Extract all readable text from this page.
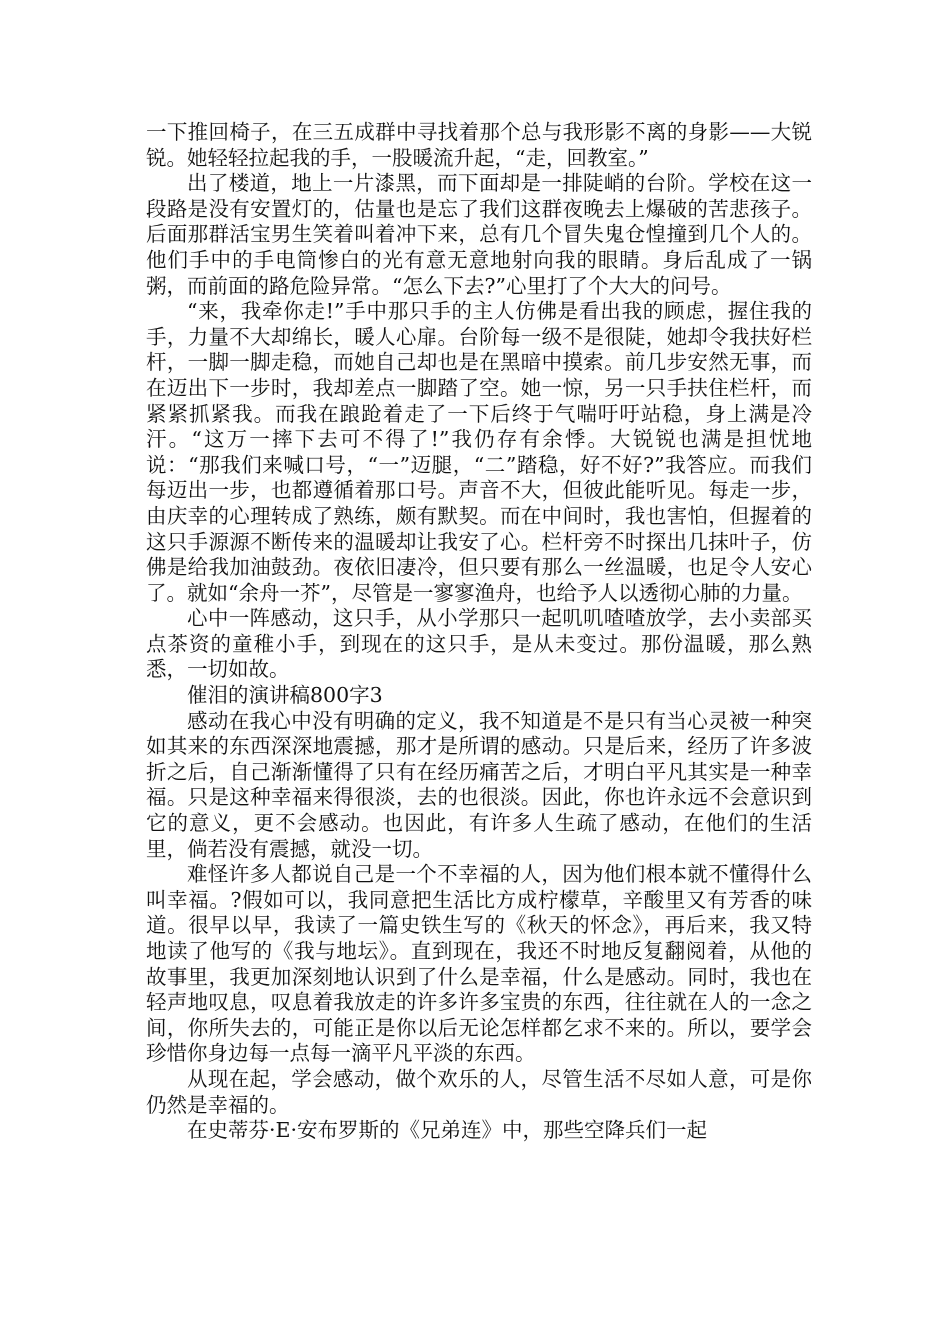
一下推回椅子，在三五成群中寻找着那个总与我形影不离的身影——大锐锐。她轻轻拉起我的手，一股暖流升起，“走，回教室。”

出了楼道，地上一片漆黑，而下面却是一排陡峭的台阶。学校在这一段路是没有安置灯的，估量也是忘了我们这群夜晚去上爆破的苦悲孩子。后面那群活宝男生笑着叫着冲下来，总有几个冒失鬼仓惶撞到几个人的。他们手中的手电筒惨白的光有意无意地射向我的眼睛。身后乱成了一锅粥，而前面的路危险异常。“怎么下去?”心里打了个大大的问号。

“来，我牵你走!”手中那只手的主人仿佛是看出我的顾虑，握住我的手，力量不大却绵长，暖人心扉。台阶每一级不是很陡，她却令我扶好栏杆，一脚一脚走稳，而她自己却也是在黑暗中摸索。前几步安然无事，而在迈出下一步时，我却差点一脚踏了空。她一惊，另一只手扶住栏杆，而紧紧抓紧我。而我在踉跄着走了一下后终于气喘吁吁站稳，身上满是冷汗。“这万一摔下去可不得了!”我仍存有余悸。大锐锐也满是担忧地说：“那我们来喊口号，“一”迈腿，“二”踏稳，好不好?”我答应。而我们每迈出一步，也都遵循着那口号。声音不大，但彼此能听见。每走一步，由庆幸的心理转成了熟练，颇有默契。而在中间时，我也害怕，但握着的这只手源源不断传来的温暖却让我安了心。栏杆旁不时探出几抹叶子，仿佛是给我加油鼓劲。夜依旧凄冷，但只要有那么一丝温暖，也足令人安心了。就如“余舟一芥”，尽管是一寥寥渔舟，也给予人以透彻心肺的力量。

心中一阵感动，这只手，从小学那只一起叽叽喳喳放学，去小卖部买点茶资的童稚小手，到现在的这只手，是从未变过。那份温暖，那么熟悉，一切如故。

催泪的演讲稿800字3

感动在我心中没有明确的定义，我不知道是不是只有当心灵被一种突如其来的东西深深地震撼，那才是所谓的感动。只是后来，经历了许多波折之后，自己渐渐懂得了只有在经历痛苦之后，才明白平凡其实是一种幸福。只是这种幸福来得很淡，去的也很淡。因此，你也许永远不会意识到它的意义，更不会感动。也因此，有许多人生疏了感动，在他们的生活里，倘若没有震撼，就没一切。

难怪许多人都说自己是一个不幸福的人，因为他们根本就不懂得什么叫幸福。?假如可以，我同意把生活比方成柠檬草，辛酸里又有芳香的味道。很早以早，我读了一篇史铁生写的《秋天的怀念》，再后来，我又特地读了他写的《我与地坛》。直到现在，我还不时地反复翻阅着，从他的故事里，我更加深刻地认识到了什么是幸福，什么是感动。同时，我也在轻声地叹息，叹息着我放走的许多许多宝贵的东西，往往就在人的一念之间，你所失去的，可能正是你以后无论怎样都乞求不来的。所以，要学会珍惜你身边每一点每一滴平凡平淡的东西。

从现在起，学会感动，做个欢乐的人，尽管生活不尽如人意，可是你仍然是幸福的。

在史蒂芬·E·安布罗斯的《兄弟连》中，那些空降兵们一起
